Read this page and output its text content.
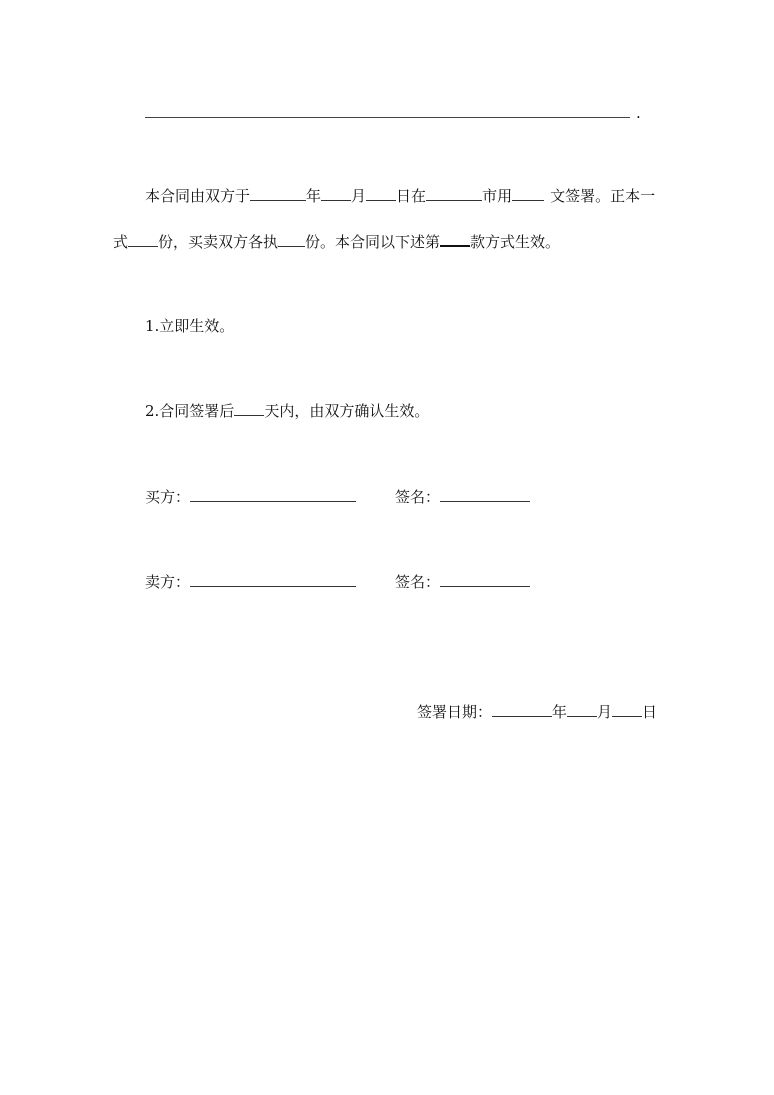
.
本合同由双方于	年 月 日在	市用	文签署。正本一
式 份，买卖双方各执 份。本合同以下述第 款方式生效。
1.立即生效。
2.合同签署后 天内，由双方确认生效。
买方：	签名：
卖方：	签名：
签署日期：	年 月 日
